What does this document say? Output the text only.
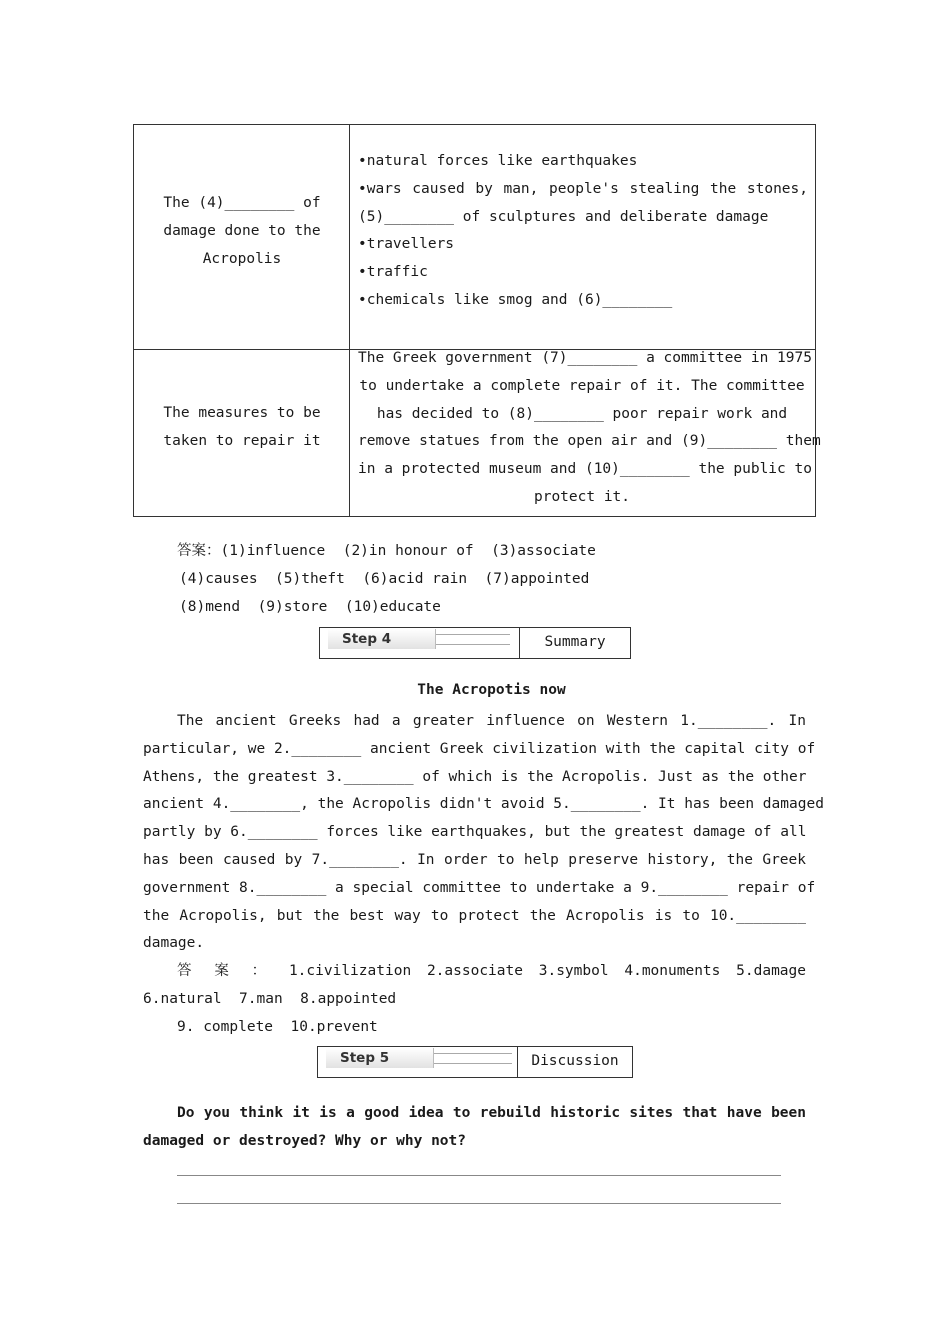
The (4)________ of
damage done to the
Acropolis
•natural forces like earthquakes
•wars caused by man, people's stealing the stones,
(5)________ of sculptures and deliberate damage
•travellers
•traffic
•chemicals like smog and (6)________
The measures to be
taken to repair it
The Greek government (7)________ a committee in 1975
to undertake a complete repair of it. The committee
has decided to (8)________ poor repair work and
remove statues from the open air and (9)________ them
in a protected museum and (10)________ the public to
protect it.
答案：(1)influence  (2)in honour of  (3)associate
(4)causes  (5)theft  (6)acid rain  (7)appointed
(8)mend  (9)store  (10)educate
Step 4	Summary
The Acropotis now
The ancient Greeks had a greater influence on Western 1.________. In
particular, we 2.________ ancient Greek civilization with the capital city of
Athens, the greatest 3.________ of which is the Acropolis. Just as the other
ancient 4.________, the Acropolis didn't avoid 5.________. It has been damaged
partly by 6.________ forces like earthquakes, but the greatest damage of all
has been caused by 7.________. In order to help preserve history, the Greek
government 8.________ a special committee to undertake a 9.________ repair of
the Acropolis, but the best way to protect the Acropolis is to 10.________
damage.
答 案 ： 1.civilization 2.associate 3.symbol 4.monuments 5.damage
6.natural  7.man  8.appointed
9. complete  10.prevent
Step 5	Discussion
Do you think it is a good idea to rebuild historic sites that have been
damaged or destroyed? Why or why not?
